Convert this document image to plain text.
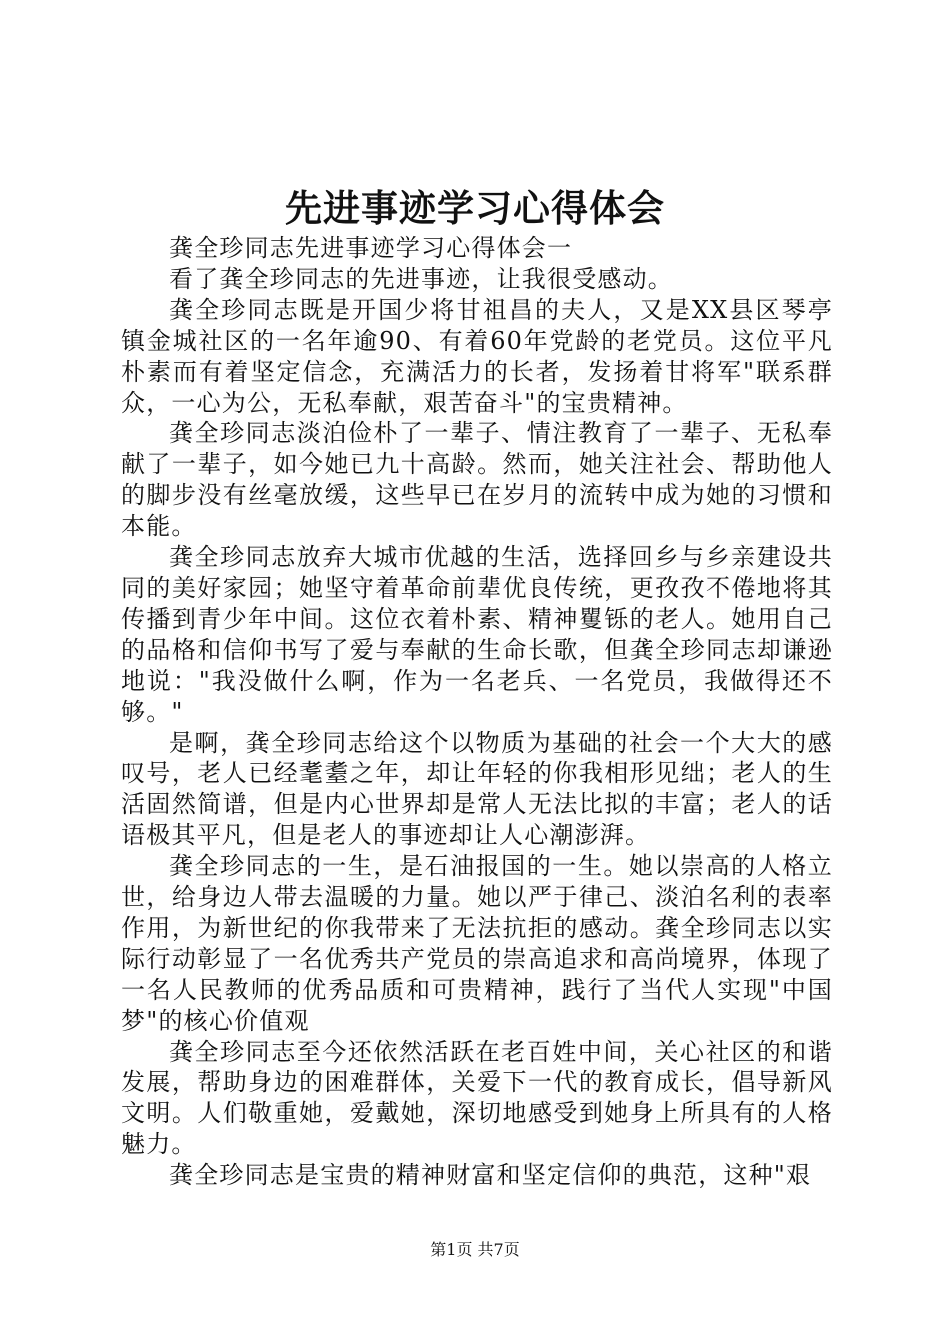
先进事迹学习心得体会

龚全珍同志先进事迹学习心得体会一

看了龚全珍同志的先进事迹，让我很受感动。

龚全珍同志既是开国少将甘祖昌的夫人，又是XX县区琴亭镇金城社区的一名年逾90、有着60年党龄的老党员。这位平凡朴素而有着坚定信念，充满活力的长者，发扬着甘将军"联系群众，一心为公，无私奉献，艰苦奋斗"的宝贵精神。

龚全珍同志淡泊俭朴了一辈子、情注教育了一辈子、无私奉献了一辈子，如今她已九十高龄。然而，她关注社会、帮助他人的脚步没有丝毫放缓，这些早已在岁月的流转中成为她的习惯和本能。

龚全珍同志放弃大城市优越的生活，选择回乡与乡亲建设共同的美好家园；她坚守着革命前辈优良传统，更孜孜不倦地将其传播到青少年中间。这位衣着朴素、精神矍铄的老人。她用自己的品格和信仰书写了爱与奉献的生命长歌，但龚全珍同志却谦逊地说："我没做什么啊，作为一名老兵、一名党员，我做得还不够。"

是啊，龚全珍同志给这个以物质为基础的社会一个大大的感叹号，老人已经耄耋之年，却让年轻的你我相形见绌；老人的生活固然简谱，但是内心世界却是常人无法比拟的丰富；老人的话语极其平凡，但是老人的事迹却让人心潮澎湃。

龚全珍同志的一生，是石油报国的一生。她以崇高的人格立世，给身边人带去温暖的力量。她以严于律己、淡泊名利的表率作用，为新世纪的你我带来了无法抗拒的感动。龚全珍同志以实际行动彰显了一名优秀共产党员的崇高追求和高尚境界，体现了一名人民教师的优秀品质和可贵精神，践行了当代人实现"中国梦"的核心价值观

龚全珍同志至今还依然活跃在老百姓中间，关心社区的和谐发展，帮助身边的困难群体，关爱下一代的教育成长，倡导新风文明。人们敬重她，爱戴她，深切地感受到她身上所具有的人格魅力。

龚全珍同志是宝贵的精神财富和坚定信仰的典范，这种"艰

第1页 共7页
